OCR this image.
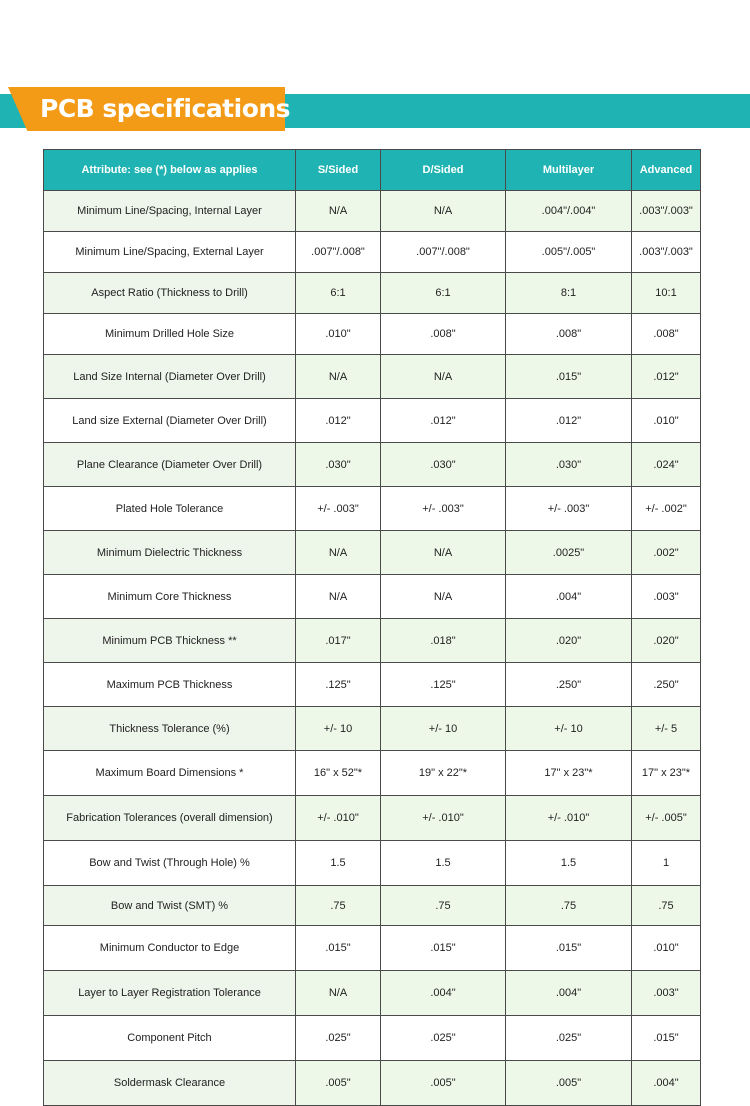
PCB specifications
Attribute: see (*) below as applies	S/Sided	D/Sided	Multilayer	Advanced
Minimum Line/Spacing, Internal Layer	N/A	N/A	.004"/.004"	.003"/.003"
Minimum Line/Spacing, External Layer	.007"/.008"	.007"/.008"	.005"/.005"	.003"/.003"
Aspect Ratio (Thickness to Drill)	6:1	6:1	8:1	10:1
Minimum Drilled Hole Size	.010"	.008"	.008"	.008"
Land Size Internal (Diameter Over Drill)	N/A	N/A	.015"	.012"
Land size External (Diameter Over Drill)	.012"	.012"	.012"	.010"
Plane Clearance (Diameter Over Drill)	.030"	.030"	.030"	.024"
Plated Hole Tolerance	+/- .003"	+/- .003"	+/- .003"	+/- .002"
Minimum Dielectric Thickness	N/A	N/A	.0025"	.002"
Minimum Core Thickness	N/A	N/A	.004"	.003"
Minimum PCB Thickness **	.017"	.018"	.020"	.020"
Maximum PCB Thickness	.125"	.125"	.250"	.250"
Thickness Tolerance (%)	+/- 10	+/- 10	+/- 10	+/- 5
Maximum Board Dimensions *	16" x 52"*	19" x 22"*	17" x 23"*	17" x 23"*
Fabrication Tolerances (overall dimension)	+/- .010"	+/- .010"	+/- .010"	+/- .005"
Bow and Twist (Through Hole) %	1.5	1.5	1.5	1
Bow and Twist (SMT) %	.75	.75	.75	.75
Minimum Conductor to Edge	.015"	.015"	.015"	.010"
Layer to Layer Registration Tolerance	N/A	.004"	.004"	.003"
Component Pitch	.025"	.025"	.025"	.015"
Soldermask Clearance	.005"	.005"	.005"	.004"
